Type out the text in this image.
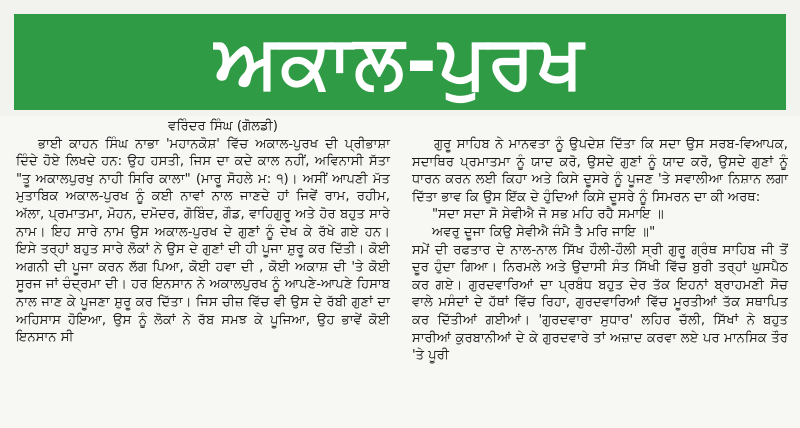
ਅਕਾਲ-ਪੁਰਖ
ਵਰਿੰਦਰ ਸਿੰਘ (ਗੋਲਡੀ)

ਭਾਈ ਕਾਹਨ ਸਿੰਘ ਨਾਭਾ 'ਮਹਾਨਕੋਸ਼' ਵਿੱਚ ਅਕਾਲ-ਪੁਰਖ ਦੀ ਪ੍ਰੀਭਾਸ਼ਾ ਦਿੰਦੇ ਹੋਏ ਲਿਖਦੇ ਹਨ: ਉਹ ਹਸਤੀ, ਜਿਸ ਦਾ ਕਦੇ ਕਾਲ ਨਹੀਂ, ਅਵਿਨਾਸੀ ਸੱਤਾ "ਤੂ ਅਕਾਲਪੁਰਖੁ ਨਾਹੀ ਸਿਰਿ ਕਾਲਾ" (ਮਾਰੂ ਸੋਹਲੇ ਮ: ੧)। ਅਸੀਂ ਆਪਣੀ ਮੱਤ ਮੁਤਾਬਿਕ ਅਕਾਲ-ਪੁਰਖ ਨੂੰ ਕਈ ਨਾਵਾਂ ਨਾਲ ਜਾਣਦੇ ਹਾਂ ਜਿਵੇਂ ਰਾਮ, ਰਹੀਮ, ਅੱਲਾ, ਪ੍ਰਮਾਤਮਾ, ਮੋਹਨ, ਦਮੋਦਰ, ਗੋਬਿੰਦ, ਗੌਡ, ਵਾਹਿਗੁਰੂ ਅਤੇ ਹੋਰ ਬਹੁਤ ਸਾਰੇ ਨਾਮ। ਇਹ ਸਾਰੇ ਨਾਮ ਉਸ ਅਕਾਲ-ਪੁਰਖ ਦੇ ਗੁਣਾਂ ਨੂੰ ਦੇਖ ਕੇ ਰੱਖੇ ਗਏ ਹਨ। ਇਸੇ ਤਰ੍ਹਾਂ ਬਹੁਤ ਸਾਰੇ ਲੋਕਾਂ ਨੇ ਉਸ ਦੇ ਗੁਣਾਂ ਦੀ ਹੀ ਪੂਜਾ ਸ਼ੁਰੂ ਕਰ ਦਿੱਤੀ। ਕੋਈ ਅਗਨੀ ਦੀ ਪੂਜਾ ਕਰਨ ਲੱਗ ਪਿਆ, ਕੋਈ ਹਵਾ ਦੀ , ਕੋਈ ਅਕਾਸ਼ ਦੀ 'ਤੇ ਕੋਈ ਸੂਰਜ ਜਾਂ ਚੰਦ੍ਰਮਾ ਦੀ। ਹਰ ਇਨਸਾਨ ਨੇ ਅਕਾਲਪੁਰਖ ਨੂੰ ਆਪਣੇ-ਆਪਣੇ ਹਿਸਾਬ ਨਾਲ ਜਾਣ ਕੇ ਪੂਜਣਾ ਸ਼ੁਰੂ ਕਰ ਦਿੱਤਾ। ਜਿਸ ਚੀਜ਼ ਵਿੱਚ ਵੀ ਉਸ ਦੇ ਰੱਬੀ ਗੁਣਾਂ ਦਾ ਅਹਿਸਾਸ ਹੋਇਆ, ਉਸ ਨੂੰ ਲੋਕਾਂ ਨੇ ਰੱਬ ਸਮਝ ਕੇ ਪੂਜਿਆ, ਉਹ ਭਾਵੇਂ ਕੋਈ ਇਨਸਾਨ ਸੀ

ਗੁਰੂ ਸਾਹਿਬ ਨੇ ਮਾਨਵਤਾ ਨੂੰ ਉਪਦੇਸ਼ ਦਿੱਤਾ ਕਿ ਸਦਾ ਉਸ ਸਰਬ-ਵਿਆਪਕ, ਸਦਾਥਿਰ ਪ੍ਰਮਾਤਮਾ ਨੂੰ ਯਾਦ ਕਰੋ, ਉਸਦੇ ਗੁਣਾਂ ਨੂੰ ਯਾਦ ਕਰੋ, ਉਸਦੇ ਗੁਣਾਂ ਨੂੰ ਧਾਰਨ ਕਰਨ ਲਈ ਕਿਹਾ ਅਤੇ ਕਿਸੇ ਦੂਸਰੇ ਨੂੰ ਪੂਜਣ 'ਤੇ ਸਵਾਲੀਆ ਨਿਸ਼ਾਨ ਲਗਾ ਦਿੱਤਾ ਭਾਵ ਕਿ ਉਸ ਇੱਕ ਦੇ ਹੁੰਦਿਆਂ ਕਿਸੇ ਦੂਸਰੇ ਨੂੰ ਸਿਮਰਨ ਦਾ ਕੀ ਅਰਥ:

"ਸਦਾ ਸਦਾ ਸੋ ਸੇਵੀਐ ਜੋ ਸਭ ਮਹਿ ਰਹੈ ਸਮਾਇ ॥

ਅਵਰੁ ਦੂਜਾ ਕਿਉ ਸੇਵੀਐ ਜੰਮੈ ਤੈ ਮਰਿ ਜਾਇ ॥"

ਸਮੇਂ ਦੀ ਰਫਤਾਰ ਦੇ ਨਾਲ-ਨਾਲ ਸਿੱਖ ਹੌਲੀ-ਹੌਲੀ ਸ੍ਰੀ ਗੁਰੂ ਗ੍ਰੰਥ ਸਾਹਿਬ ਜੀ ਤੋਂ ਦੂਰ ਹੁੰਦਾ ਗਿਆ। ਨਿਰਮਲੇ ਅਤੇ ਉਦਾਸੀ ਸੰਤ ਸਿੱਖੀ ਵਿੱਚ ਬੁਰੀ ਤਰ੍ਹਾਂ ਘੁਸਪੈਠ ਕਰ ਗਏ। ਗੁਰਦਵਾਰਿਆਂ ਦਾ ਪ੍ਰਬੰਧ ਬਹੁਤ ਦੇਰ ਤੱਕ ਇਹਨਾਂ ਬ੍ਰਾਹਮਣੀ ਸੋਚ ਵਾਲੇ ਮਸੰਦਾਂ ਦੇ ਹੱਥਾਂ ਵਿੱਚ ਰਿਹਾ, ਗੁਰਦਵਾਰਿਆਂ ਵਿੱਚ ਮੂਰਤੀਆਂ ਤੱਕ ਸਥਾਪਿਤ ਕਰ ਦਿੱਤੀਆਂ ਗਈਆਂ। 'ਗੁਰਦਵਾਰਾ ਸੁਧਾਰ' ਲਹਿਰ ਚੱਲੀ, ਸਿੱਖਾਂ ਨੇ ਬਹੁਤ ਸਾਰੀਆਂ ਕੁਰਬਾਨੀਆਂ ਦੇ ਕੇ ਗੁਰਦਵਾਰੇ ਤਾਂ ਅਜ਼ਾਦ ਕਰਵਾ ਲਏ ਪਰ ਮਾਨਸਿਕ ਤੌਰ 'ਤੇ ਪੂਰੀ
